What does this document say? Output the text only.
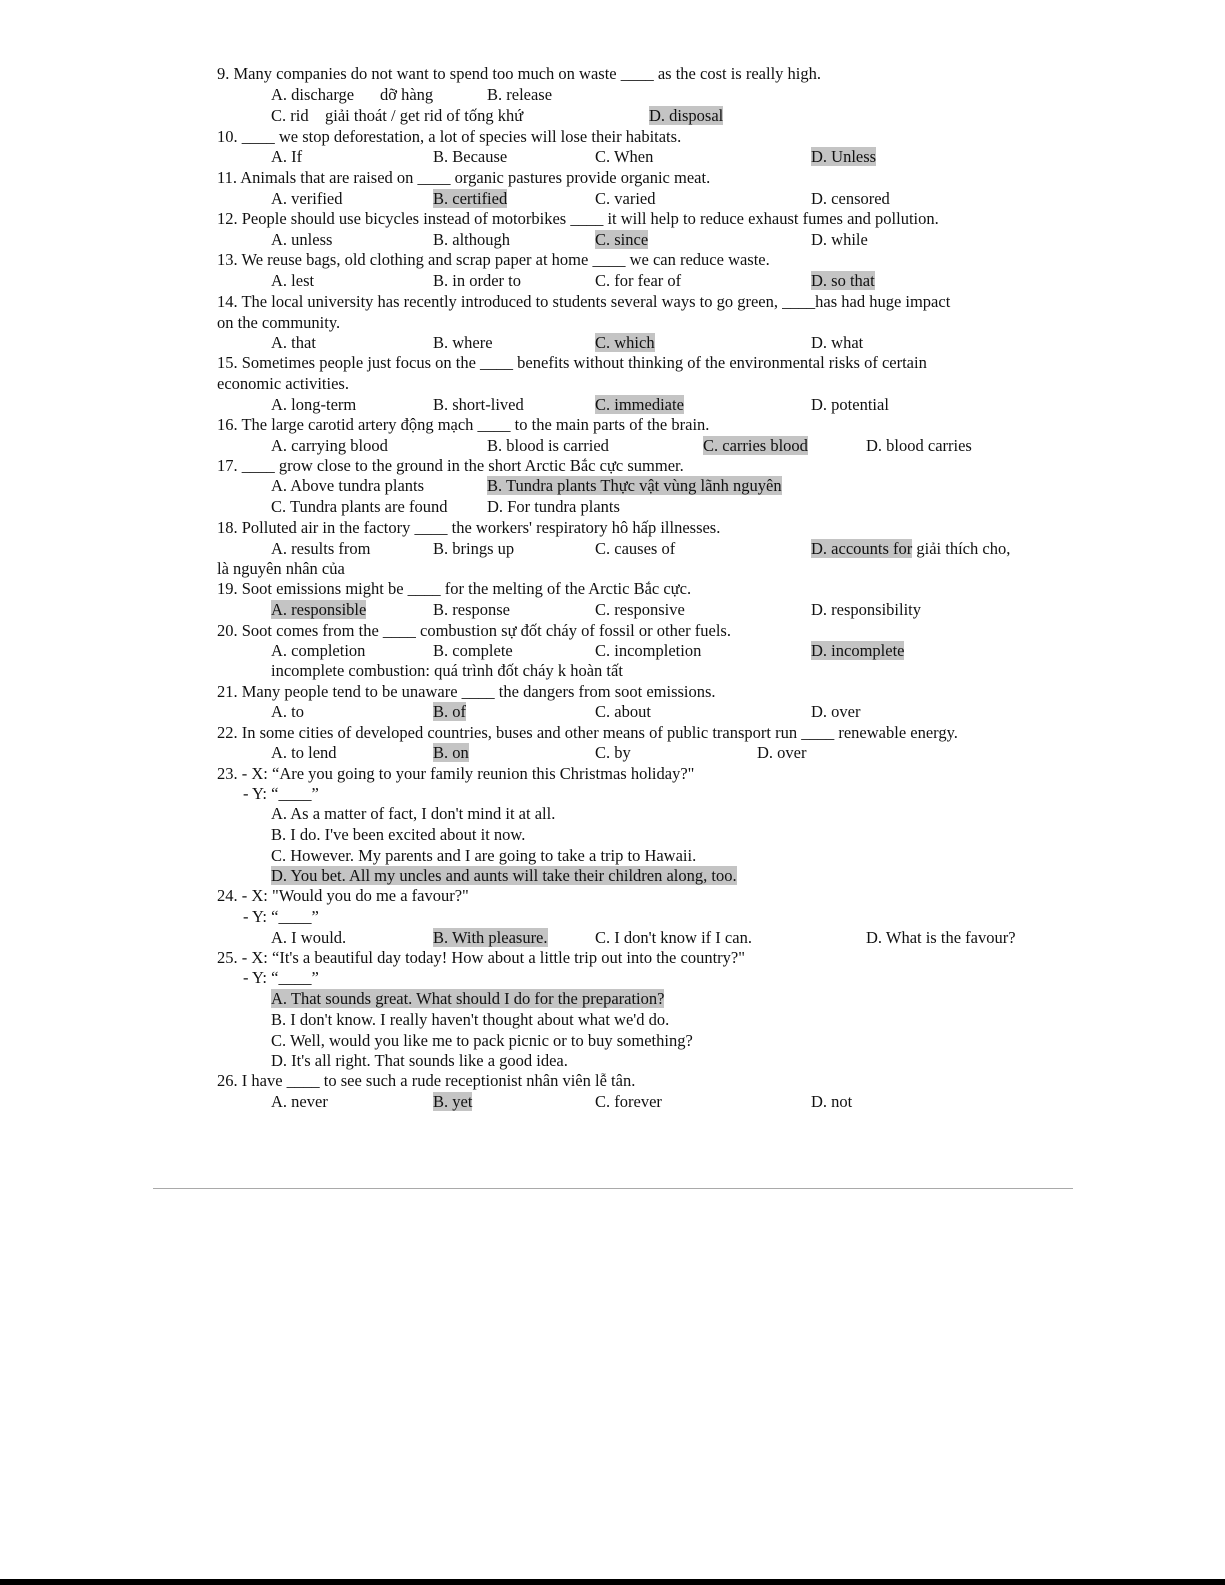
9. Many companies do not want to spend too much on waste ____ as the cost is really high.
A. discharge dỡ hàng	B. release
C. rid giải thoát / get rid of tống khứ	D. disposal
10. ____ we stop deforestation, a lot of species will lose their habitats.
A. If	B. Because	C. When	D. Unless
11. Animals that are raised on ____ organic pastures provide organic meat.
A. verified	B. certified	C. varied	D. censored
12. People should use bicycles instead of motorbikes ____ it will help to reduce exhaust fumes and pollution.
A. unless	B. although	C. since	D. while
13. We reuse bags, old clothing and scrap paper at home ____ we can reduce waste.
A. lest	B. in order to	C. for fear of	D. so that
14. The local university has recently introduced to students several ways to go green, ____has had huge impact
on the community.
A. that	B. where	C. which	D. what
15. Sometimes people just focus on the ____ benefits without thinking of the environmental risks of certain
economic activities.
A. long-term	B. short-lived	C. immediate	D. potential
16. The large carotid artery động mạch ____ to the main parts of the brain.
A. carrying blood	B. blood is carried	C. carries blood	D. blood carries
17. ____ grow close to the ground in the short Arctic Bắc cực summer.
A. Above tundra plants	B. Tundra plants Thực vật vùng lãnh nguyên
C. Tundra plants are found D. For tundra plants
18. Polluted air in the factory ____ the workers' respiratory hô hấp illnesses.
A. results from	B. brings up	C. causes of	D. accounts for giải thích cho,
là nguyên nhân của
19. Soot emissions might be ____ for the melting of the Arctic Bắc cực.
A. responsible	B. response	C. responsive	D. responsibility
20. Soot comes from the ____ combustion sự đốt cháy of fossil or other fuels.
A. completion	B. complete	C. incompletion	D. incomplete
incomplete combustion: quá trình đốt cháy k hoàn tất
21. Many people tend to be unaware ____ the dangers from soot emissions.
A. to	B. of	C. about	D. over
22. In some cities of developed countries, buses and other means of public transport run ____ renewable energy.
A. to lend	B. on	C. by	D. over
23. - X: “Are you going to your family reunion this Christmas holiday?"
- Y: “____”
A. As a matter of fact, I don't mind it at all.
B. I do. I've been excited about it now.
C. However. My parents and I are going to take a trip to Hawaii.
D. You bet. All my uncles and aunts will take their children along, too.
24. - X: "Would you do me a favour?"
- Y: “____”
A. I would.	B. With pleasure.	C. I don't know if I can.	D. What is the favour?
25. - X: “It's a beautiful day today! How about a little trip out into the country?"
- Y: “____”
A. That sounds great. What should I do for the preparation?
B. I don't know. I really haven't thought about what we'd do.
C. Well, would you like me to pack picnic or to buy something?
D. It's all right. That sounds like a good idea.
26. I have ____ to see such a rude receptionist nhân viên lễ tân.
A. never	B. yet	C. forever	D. not
